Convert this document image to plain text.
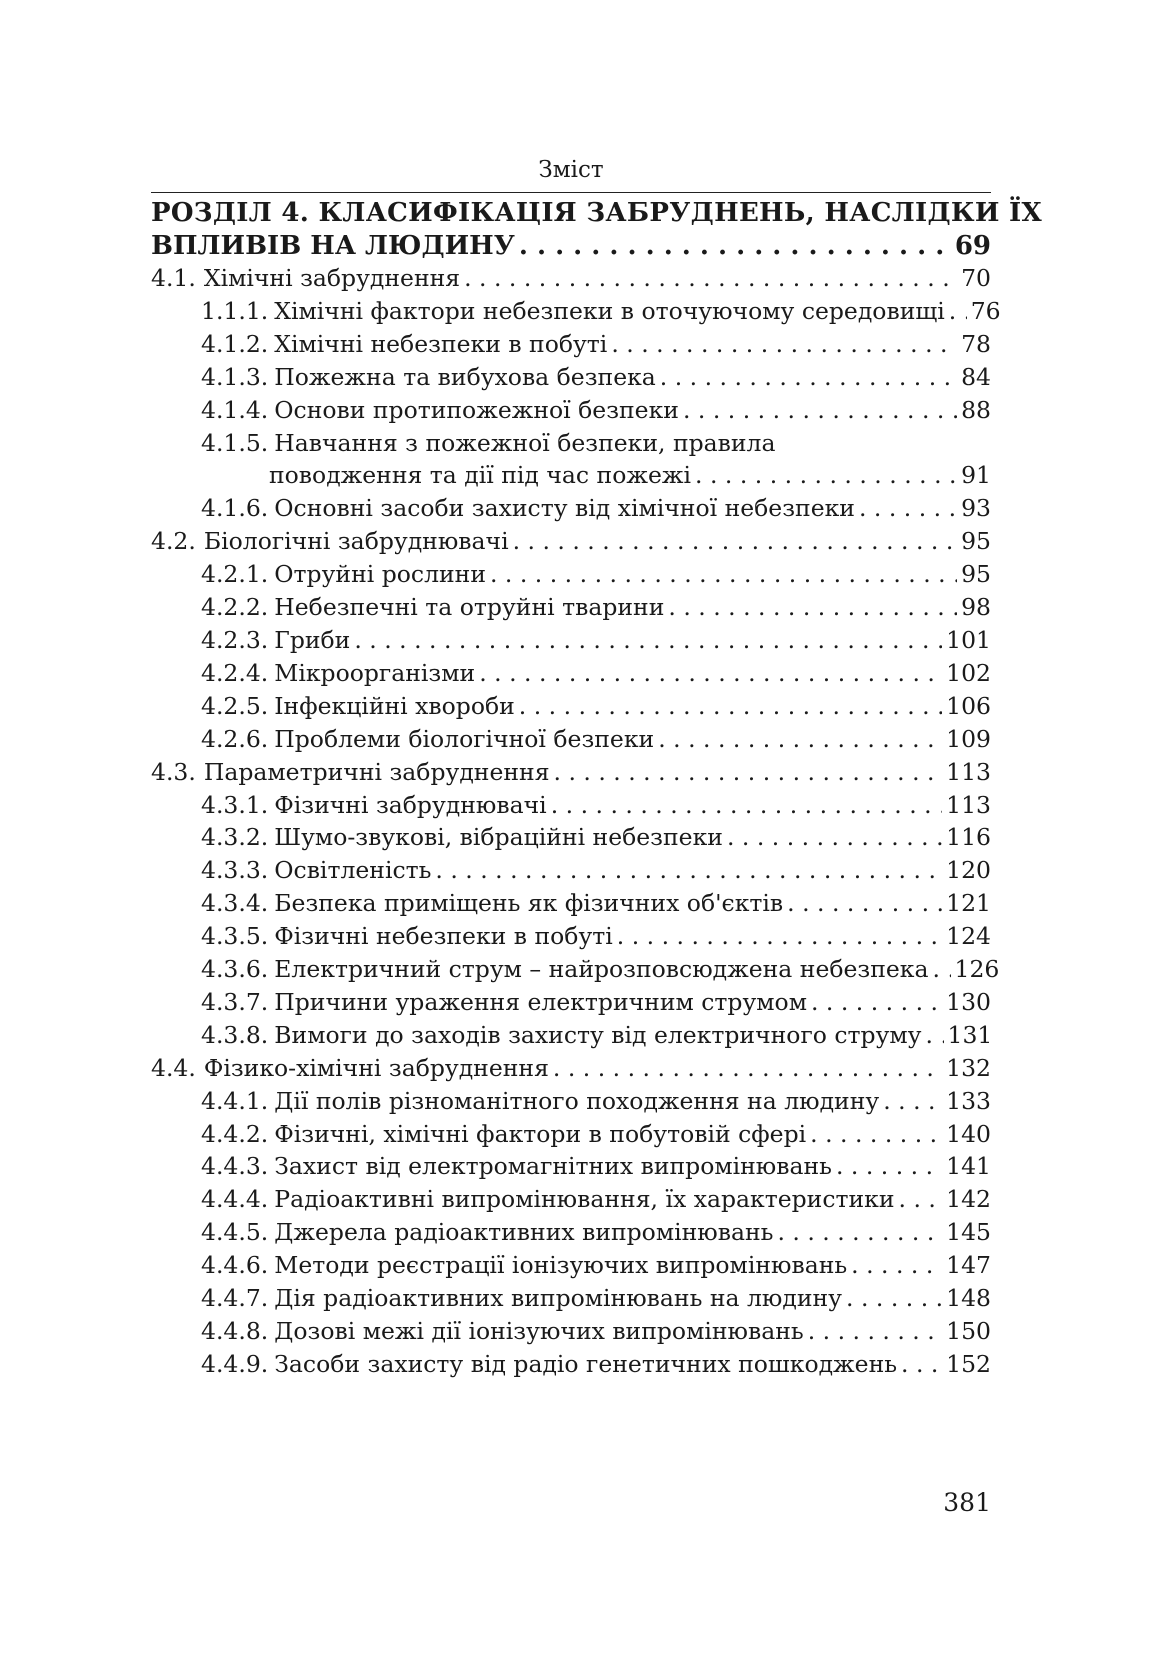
Зміст
РОЗДІЛ 4. КЛАСИФІКАЦІЯ ЗАБРУДНЕНЬ, НАСЛІДКИ ЇХ
ВПЛИВІВ НА ЛЮДИНУ . . .	69
4.1. Хімічні забруднення . . .	70
1.1.1. Хімічні фактори небезпеки в оточуючому середовищі . . . 76
4.1.2. Хімічні небезпеки в побуті . . .	78
4.1.3. Пожежна та вибухова безпека . . .	84
4.1.4. Основи протипожежної безпеки . . .	88
4.1.5. Навчання з пожежної безпеки, правила
поводження та дії під час пожежі . . .	91
4.1.6. Основні засоби захисту від хімічної небезпеки . . .	93
4.2. Біологічні забруднювачі . . .	95
4.2.1. Отруйні рослини . . .	95
4.2.2. Небезпечні та отруйні тварини . . .	98
4.2.3. Гриби . . .	101
4.2.4. Мікроорганізми . . .	102
4.2.5. Інфекційні хвороби . . .	106
4.2.6. Проблеми біологічної безпеки . . .	109
4.3. Параметричні забруднення . . .	113
4.3.1. Фізичні забруднювачі . . .	113
4.3.2. Шумо-звукові, вібраційні небезпеки . . .	116
4.3.3. Освітленість . . .	120
4.3.4. Безпека приміщень як фізичних об'єктів . . .	121
4.3.5. Фізичні небезпеки в побуті . . .	124
4.3.6. Електричний струм – найрозповсюджена небезпека . . . 126
4.3.7. Причини ураження електричним струмом . . .	130
4.3.8. Вимоги до заходів захисту від електричного струму . . . 131
4.4. Фізико-хімічні забруднення . . .	132
4.4.1. Дії полів різноманітного походження на людину . . .	133
4.4.2. Фізичні, хімічні фактори в побутовій сфері . . .	140
4.4.3. Захист від електромагнітних випромінювань . . .	141
4.4.4. Радіоактивні випромінювання, їх характеристики . . . 142
4.4.5. Джерела радіоактивних випромінювань . . .	145
4.4.6. Методи реєстрації іонізуючих випромінювань . . .	147
4.4.7. Дія радіоактивних випромінювань на людину . . .	148
4.4.8. Дозові межі дії іонізуючих випромінювань . . .	150
4.4.9. Засоби захисту від радіо генетичних пошкоджень . . . 152
381
